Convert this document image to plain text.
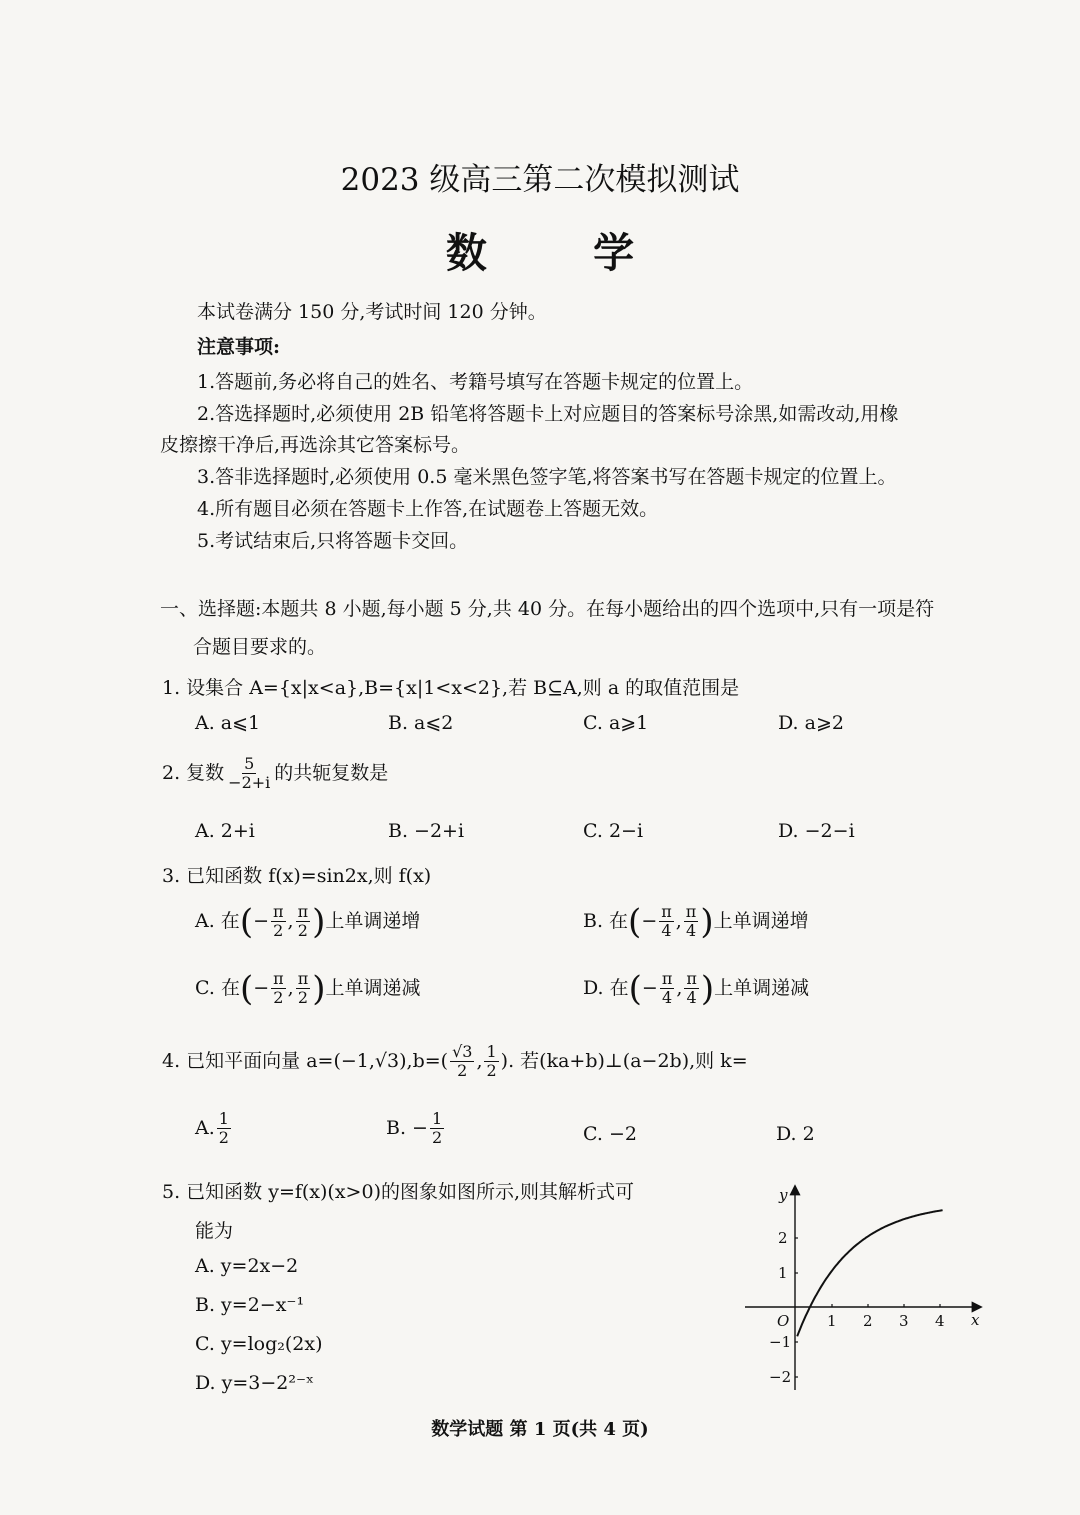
2023 级高三第二次模拟测试
数 学
本试卷满分 150 分,考试时间 120 分钟。
注意事项:
1.答题前,务必将自己的姓名、考籍号填写在答题卡规定的位置上。
2.答选择题时,必须使用 2B 铅笔将答题卡上对应题目的答案标号涂黑,如需改动,用橡
皮擦擦干净后,再选涂其它答案标号。
3.答非选择题时,必须使用 0.5 毫米黑色签字笔,将答案书写在答题卡规定的位置上。
4.所有题目必须在答题卡上作答,在试题卷上答题无效。
5.考试结束后,只将答题卡交回。
一、选择题:本题共 8 小题,每小题 5 分,共 40 分。在每小题给出的四个选项中,只有一项是符
合题目要求的。
1. 设集合 A={x|x<a},B={x|1<x<2},若 B⊆A,则 a 的取值范围是
A. a⩽1	B. a⩽2	C. a⩾1	D. a⩾2
2. 复数 $\frac{5}{-2+i}$ 的共轭复数是
A. 2+i	B. −2+i	C. 2−i	D. −2−i
3. 已知函数 f(x)=sin2x,则 f(x)
A. 在(− $\frac{\pi}{2}$ , $\frac{\pi}{2}$ )上单调递增	B. 在(− $\frac{\pi}{4}$ , $\frac{\pi}{4}$ )上单调递增
C. 在(− $\frac{\pi}{2}$ , $\frac{\pi}{2}$ )上单调递减	D. 在(− $\frac{\pi}{4}$ , $\frac{\pi}{4}$ )上单调递减
4. 已知平面向量 $a=(-1,√3),b=( \frac{√3}{2}$ , $\frac{1}{2}$ ). 若(ka+b)⊥(a−2b),则 k=
A. $\frac{1}{2}$	B. − $\frac{1}{2}$	C. −2	D. 2
5. 已知函数 y=f(x)(x>0)的图象如图所示,则其解析式可
能为
A. y=2x−2
B. y=2−x⁻¹
C. y=log₂(2x)
D. y=3−2²⁻ˣ
x
y
O	1 2 3 4
2
1
−1
−2
数学试题 第 1 页(共 4 页)
